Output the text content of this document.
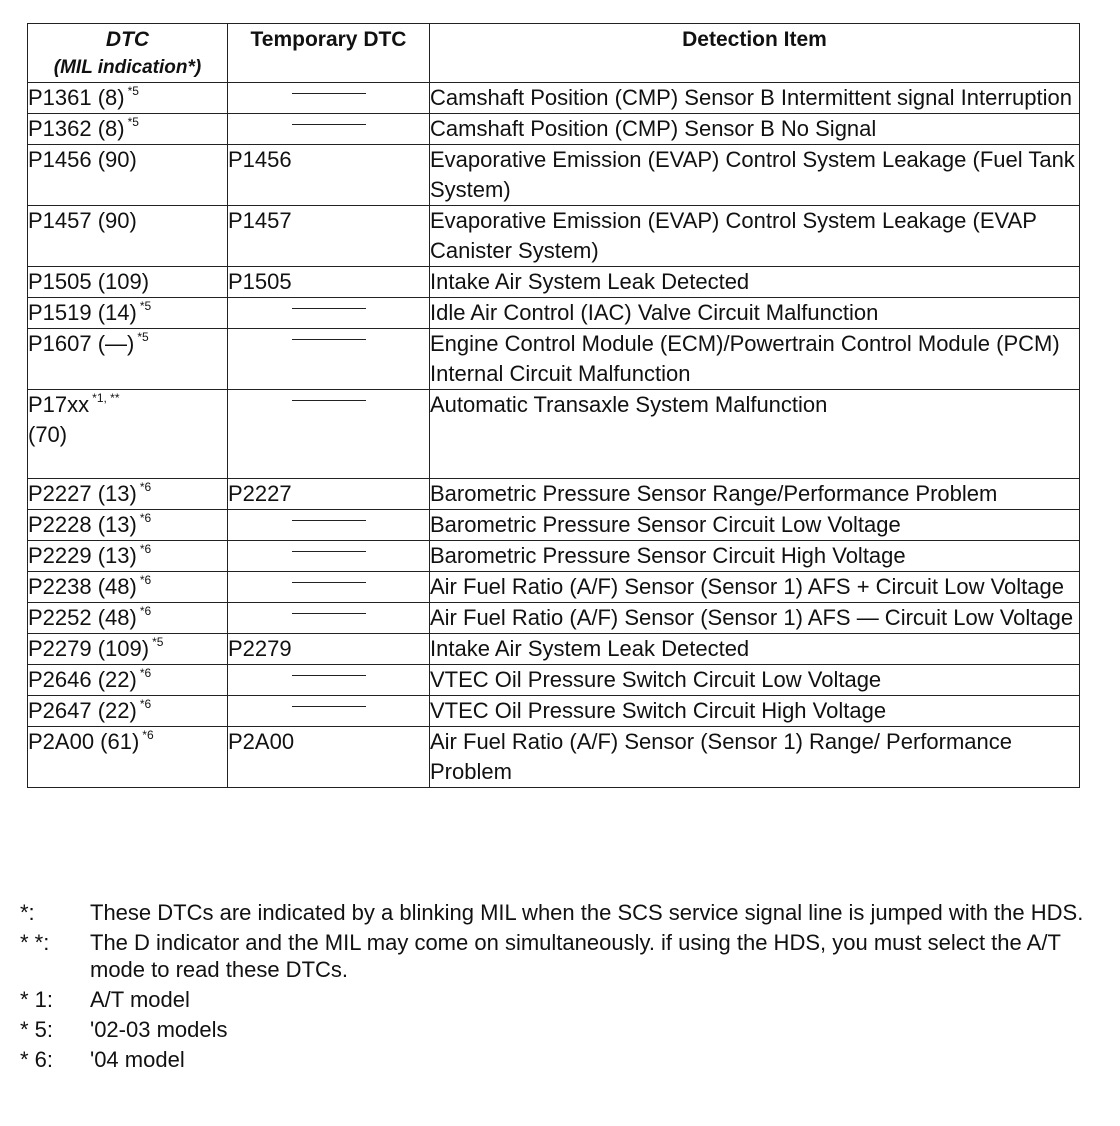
DTC
(MIL indication*)	Temporary DTC	Detection Item
P1361 (8) $^{*5}$		Camshaft Position (CMP) Sensor B Intermittent signal Interruption
P1362 (8) $^{*5}$		Camshaft Position (CMP) Sensor B No Signal
P1456 (90)	P1456	Evaporative Emission (EVAP) Control System Leakage (Fuel Tank System)
P1457 (90)	P1457	Evaporative Emission (EVAP) Control System Leakage (EVAP Canister System)
P1505 (109)	P1505	Intake Air System Leak Detected
P1519 (14) $^{*5}$		Idle Air Control (IAC) Valve Circuit Malfunction
P1607 (—) $^{*5}$		Engine Control Module (ECM)/Powertrain Control Module (PCM) Internal Circuit Malfunction
P17xx $^{*1, **}$
(70)		Automatic Transaxle System Malfunction
P2227 (13) $^{*6}$	P2227	Barometric Pressure Sensor Range/Performance Problem
P2228 (13) $^{*6}$		Barometric Pressure Sensor Circuit Low Voltage
P2229 (13) $^{*6}$		Barometric Pressure Sensor Circuit High Voltage
P2238 (48) $^{*6}$		Air Fuel Ratio (A/F) Sensor (Sensor 1) AFS + Circuit Low Voltage
P2252 (48) $^{*6}$		Air Fuel Ratio (A/F) Sensor (Sensor 1) AFS — Circuit Low Voltage
P2279 (109) $^{*5}$	P2279	Intake Air System Leak Detected
P2646 (22) $^{*6}$		VTEC Oil Pressure Switch Circuit Low Voltage
P2647 (22) $^{*6}$		VTEC Oil Pressure Switch Circuit High Voltage
P2A00 (61) $^{*6}$	P2A00	Air Fuel Ratio (A/F) Sensor (Sensor 1) Range/ Performance Problem
*:	These DTCs are indicated by a blinking MIL when the SCS service signal line is jumped with the HDS.
* *:	The D indicator and the MIL may come on simultaneously. if using the HDS, you must select the A/T mode to read these DTCs.
* 1:	A/T model
* 5:	'02-03 models
* 6:	'04 model
